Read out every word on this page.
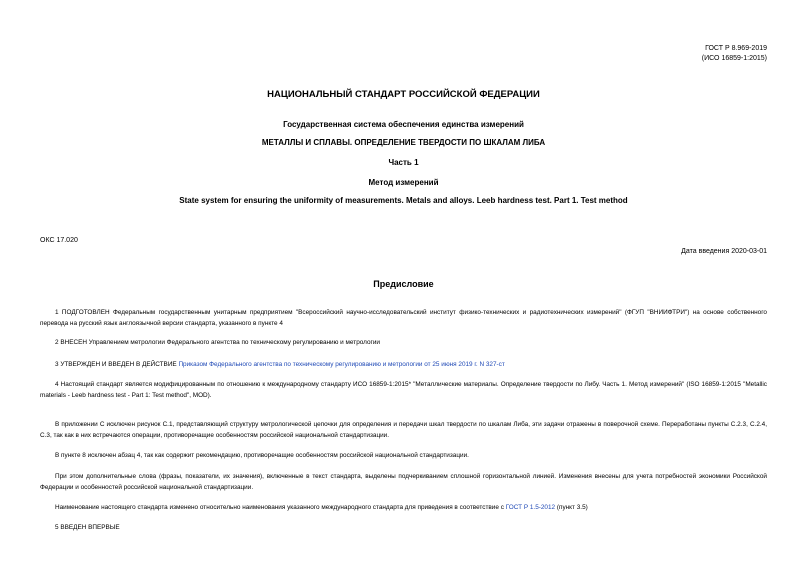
ГОСТ Р 8.969-2019
(ИСО 16859-1:2015)
НАЦИОНАЛЬНЫЙ СТАНДАРТ РОССИЙСКОЙ ФЕДЕРАЦИИ
Государственная система обеспечения единства измерений
МЕТАЛЛЫ И СПЛАВЫ. ОПРЕДЕЛЕНИЕ ТВЕРДОСТИ ПО ШКАЛАМ ЛИБА
Часть 1
Метод измерений
State system for ensuring the uniformity of measurements. Metals and alloys. Leeb hardness test. Part 1. Test method
ОКС 17.020
Дата введения 2020-03-01
Предисловие

1 ПОДГОТОВЛЕН Федеральным государственным унитарным предприятием "Всероссийский научно-исследовательский институт физико-технических и радиотехнических измерений" (ФГУП "ВНИИФТРИ") на основе собственного перевода на русский язык англоязычной версии стандарта, указанного в пункте 4

2 ВНЕСЕН Управлением метрологии Федерального агентства по техническому регулированию и метрологии

3 УТВЕРЖДЕН И ВВЕДЕН В ДЕЙСТВИЕ Приказом Федерального агентства по техническому регулированию и метрологии от 25 июня 2019 г. N 327-ст

4 Настоящий стандарт является модифицированным по отношению к международному стандарту ИСО 16859-1:2015* "Металлические материалы. Определение твердости по Либу. Часть 1. Метод измерений" (ISO 16859-1:2015 "Metallic materials - Leeb hardness test - Part 1: Test method", MOD).

В приложении С исключен рисунок С.1, представляющий структуру метрологической цепочки для определения и передачи шкал твердости по шкалам Либа, эти задачи отражены в поверочной схеме. Переработаны пункты С.2.3, С.2.4, С.3, так как в них встречаются операции, противоречащие особенностям российской национальной стандартизации.

В пункте 8 исключен абзац 4, так как содержит рекомендацию, противоречащие особенностям российской национальной стандартизации.

При этом дополнительные слова (фразы, показатели, их значения), включенные в текст стандарта, выделены подчеркиванием сплошной горизонтальной линией. Изменения внесены для учета потребностей экономики Российской Федерации и особенностей российской национальной стандартизации.

Наименование настоящего стандарта изменено относительно наименования указанного международного стандарта для приведения в соответствие с ГОСТ Р 1.5-2012 (пункт 3.5)

5 ВВЕДЕН ВПЕРВЫЕ
